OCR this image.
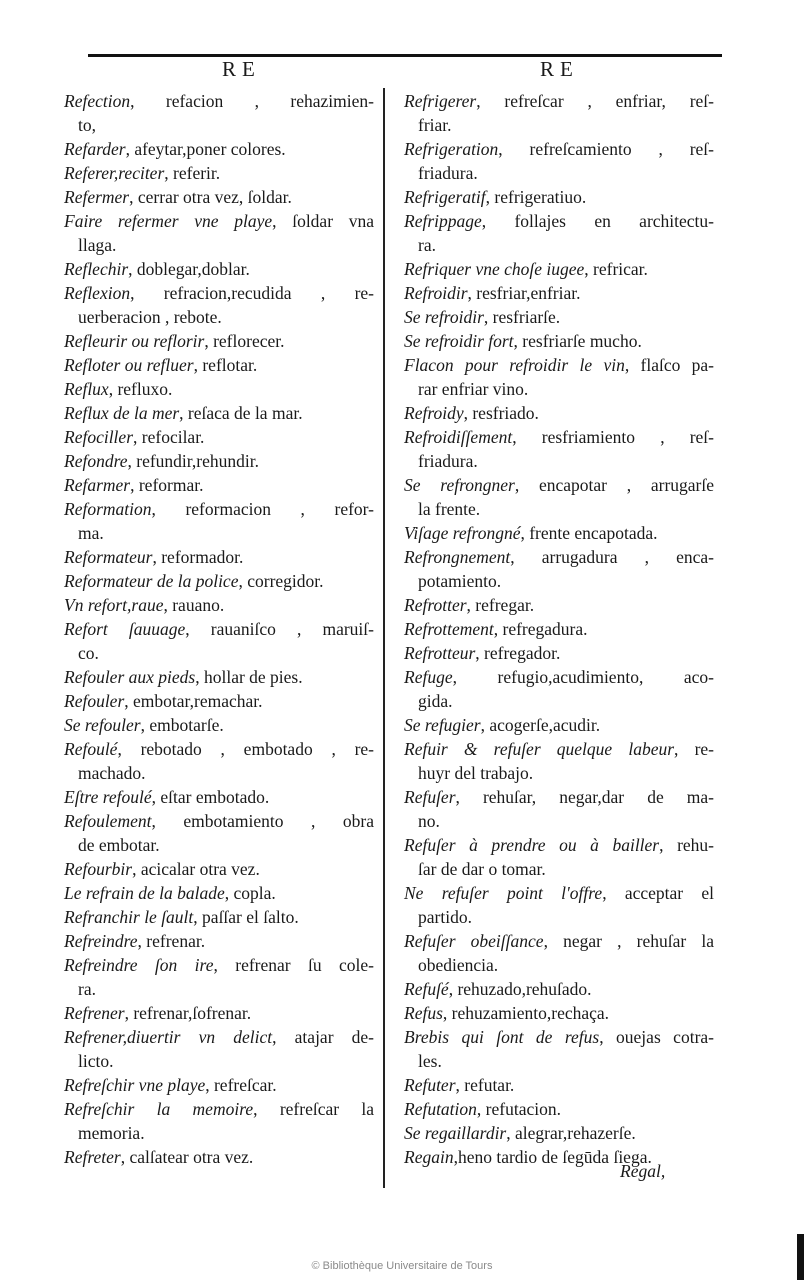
RE	RE
Refection, refacion , rehazimien-
to,
Refarder, afeytar,poner colores.
Referer,reciter, referir.
Refermer, cerrar otra vez, ſoldar.
Faire refermer vne playe, ſoldar vna
llaga.
Reflechir, doblegar,doblar.
Reflexion, refracion,recudida , re-
uerberacion , rebote.
Refleurir ou reflorir, reflorecer.
Refloter ou refluer, reflotar.
Reflux, refluxo.
Reflux de la mer, reſaca de la mar.
Refociller, refocilar.
Refondre, refundir,rehundir.
Refarmer, reformar.
Reformation, reformacion , refor-
ma.
Reformateur, reformador.
Reformateur de la police, corregidor.
Vn refort,raue, rauano.
Refort ſauuage, rauaniſco , maruiſ-
co.
Refouler aux pieds, hollar de pies.
Refouler, embotar,remachar.
Se refouler, embotarſe.
Refoulé, rebotado , embotado , re-
machado.
Eſtre refoulé, eſtar embotado.
Refoulement, embotamiento , obra
de embotar.
Refourbir, acicalar otra vez.
Le refrain de la balade, copla.
Refranchir le ſault, paſſar el ſalto.
Refreindre, refrenar.
Refreindre ſon ire, refrenar ſu cole-
ra.
Refrener, refrenar,ſofrenar.
Refrener,diuertir vn delict, atajar de-
licto.
Refreſchir vne playe, refreſcar.
Refreſchir la memoire, refreſcar la
memoria.
Refreter, calſatear otra vez.
Refrigerer, refreſcar , enfriar, reſ-
friar.
Refrigeration, refreſcamiento , reſ-
friadura.
Refrigeratif, refrigeratiuo.
Refrippage, follajes en architectu-
ra.
Refriquer vne choſe iugee, refricar.
Refroidir, resfriar,enfriar.
Se refroidir, resfriarſe.
Se refroidir fort, resfriarſe mucho.
Flacon pour refroidir le vin, flaſco pa-
rar enfriar vino.
Refroidy, resfriado.
Refroidiſſement, resfriamiento , reſ-
friadura.
Se refrongner, encapotar , arrugarſe
la frente.
Viſage refrongné, frente encapotada.
Refrongnement, arrugadura , enca-
potamiento.
Refrotter, refregar.
Refrottement, refregadura.
Refrotteur, refregador.
Refuge, refugio,acudimiento, aco-
gida.
Se refugier, acogerſe,acudir.
Refuir & refuſer quelque labeur, re-
huyr del trabajo.
Refuſer, rehuſar, negar,dar de ma-
no.
Refuſer à prendre ou à bailler, rehu-
ſar de dar o tomar.
Ne refuſer point l'offre, acceptar el
partido.
Refuſer obeiſſance, negar , rehuſar la
obediencia.
Refuſé, rehuzado,rehuſado.
Refus, rehuzamiento,rechaça.
Brebis qui ſont de refus, ouejas cotra-
les.
Refuter, refutar.
Refutation, refutacion.
Se regaillardir, alegrar,rehazerſe.
Regain,heno tardio de ſegūda ſiega.
Regal,
© Bibliothèque Universitaire de Tours
